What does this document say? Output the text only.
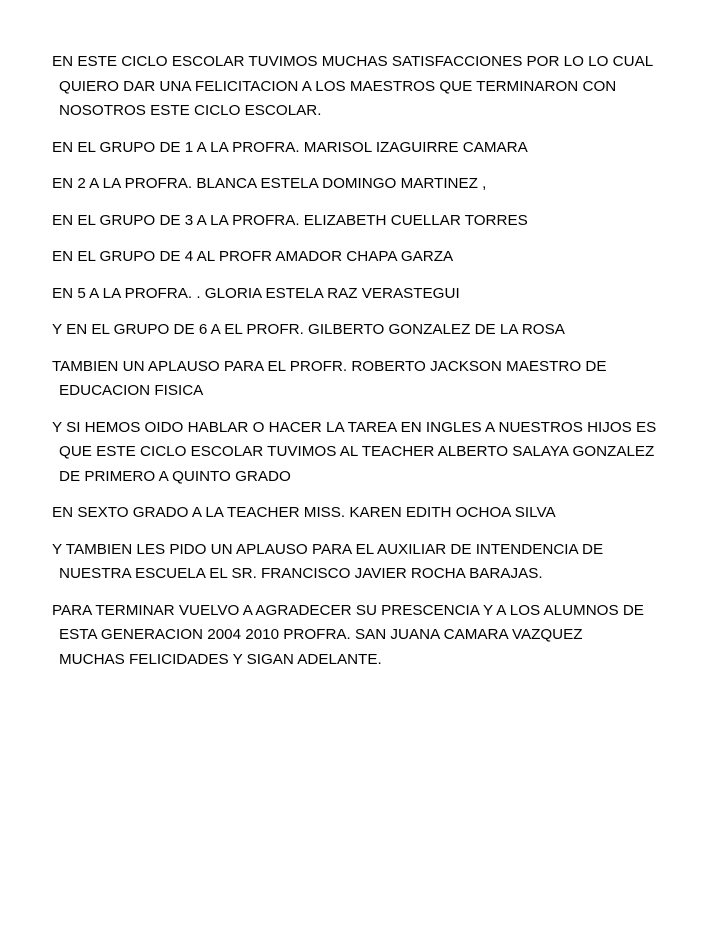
EN ESTE CICLO ESCOLAR TUVIMOS MUCHAS SATISFACCIONES POR LO LO CUAL
QUIERO DAR UNA FELICITACION A LOS MAESTROS QUE TERMINARON CON
NOSOTROS ESTE CICLO ESCOLAR.

EN EL GRUPO DE 1 A LA PROFRA. MARISOL IZAGUIRRE CAMARA

EN 2 A LA PROFRA. BLANCA ESTELA DOMINGO MARTINEZ ,

EN EL GRUPO DE 3 A LA PROFRA. ELIZABETH CUELLAR TORRES

EN EL GRUPO DE 4 AL PROFR AMADOR CHAPA GARZA

EN 5 A LA PROFRA. . GLORIA ESTELA RAZ VERASTEGUI

Y EN EL GRUPO DE 6 A EL PROFR. GILBERTO GONZALEZ DE LA ROSA

TAMBIEN UN APLAUSO PARA EL PROFR. ROBERTO JACKSON MAESTRO DE
EDUCACION FISICA

Y SI HEMOS OIDO HABLAR O HACER LA TAREA EN INGLES A NUESTROS HIJOS ES
QUE ESTE CICLO ESCOLAR TUVIMOS AL TEACHER ALBERTO SALAYA GONZALEZ
DE PRIMERO A QUINTO GRADO

EN SEXTO GRADO A LA TEACHER MISS. KAREN EDITH OCHOA SILVA

Y TAMBIEN LES PIDO UN APLAUSO PARA EL AUXILIAR DE INTENDENCIA DE
NUESTRA ESCUELA EL SR. FRANCISCO JAVIER ROCHA BARAJAS.

PARA TERMINAR VUELVO A AGRADECER SU PRESCENCIA Y A LOS ALUMNOS DE
ESTA GENERACION 2004 2010 PROFRA. SAN JUANA CAMARA VAZQUEZ
MUCHAS FELICIDADES Y SIGAN ADELANTE.
